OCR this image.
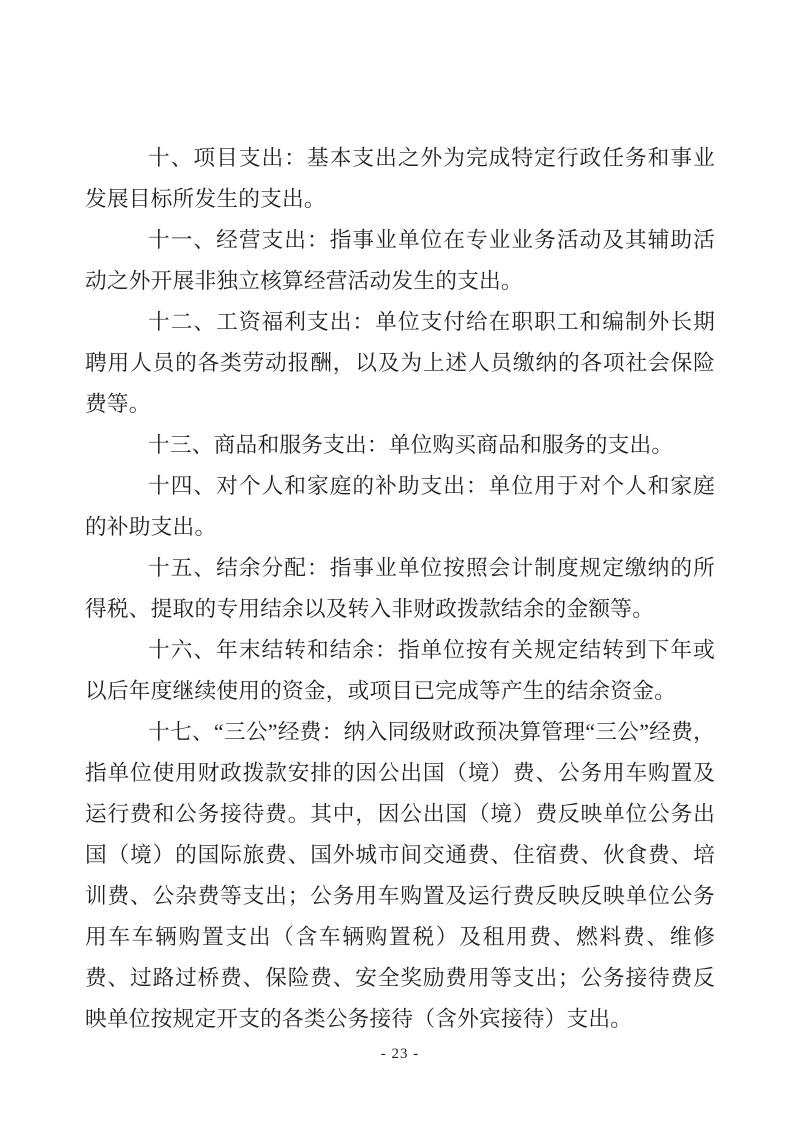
十、项目支出：基本支出之外为完成特定行政任务和事业发展目标所发生的支出。

十一、经营支出：指事业单位在专业业务活动及其辅助活动之外开展非独立核算经营活动发生的支出。

十二、工资福利支出：单位支付给在职职工和编制外长期聘用人员的各类劳动报酬，以及为上述人员缴纳的各项社会保险费等。

十三、商品和服务支出：单位购买商品和服务的支出。

十四、对个人和家庭的补助支出：单位用于对个人和家庭的补助支出。

十五、结余分配：指事业单位按照会计制度规定缴纳的所得税、提取的专用结余以及转入非财政拨款结余的金额等。

十六、年末结转和结余：指单位按有关规定结转到下年或以后年度继续使用的资金，或项目已完成等产生的结余资金。

十七、“三公”经费：纳入同级财政预决算管理“三公”经费，指单位使用财政拨款安排的因公出国（境）费、公务用车购置及运行费和公务接待费。其中，因公出国（境）费反映单位公务出国（境）的国际旅费、国外城市间交通费、住宿费、伙食费、培训费、公杂费等支出；公务用车购置及运行费反映反映单位公务用车车辆购置支出（含车辆购置税）及租用费、燃料费、维修费、过路过桥费、保险费、安全奖励费用等支出；公务接待费反映单位按规定开支的各类公务接待（含外宾接待）支出。

- 23 -
